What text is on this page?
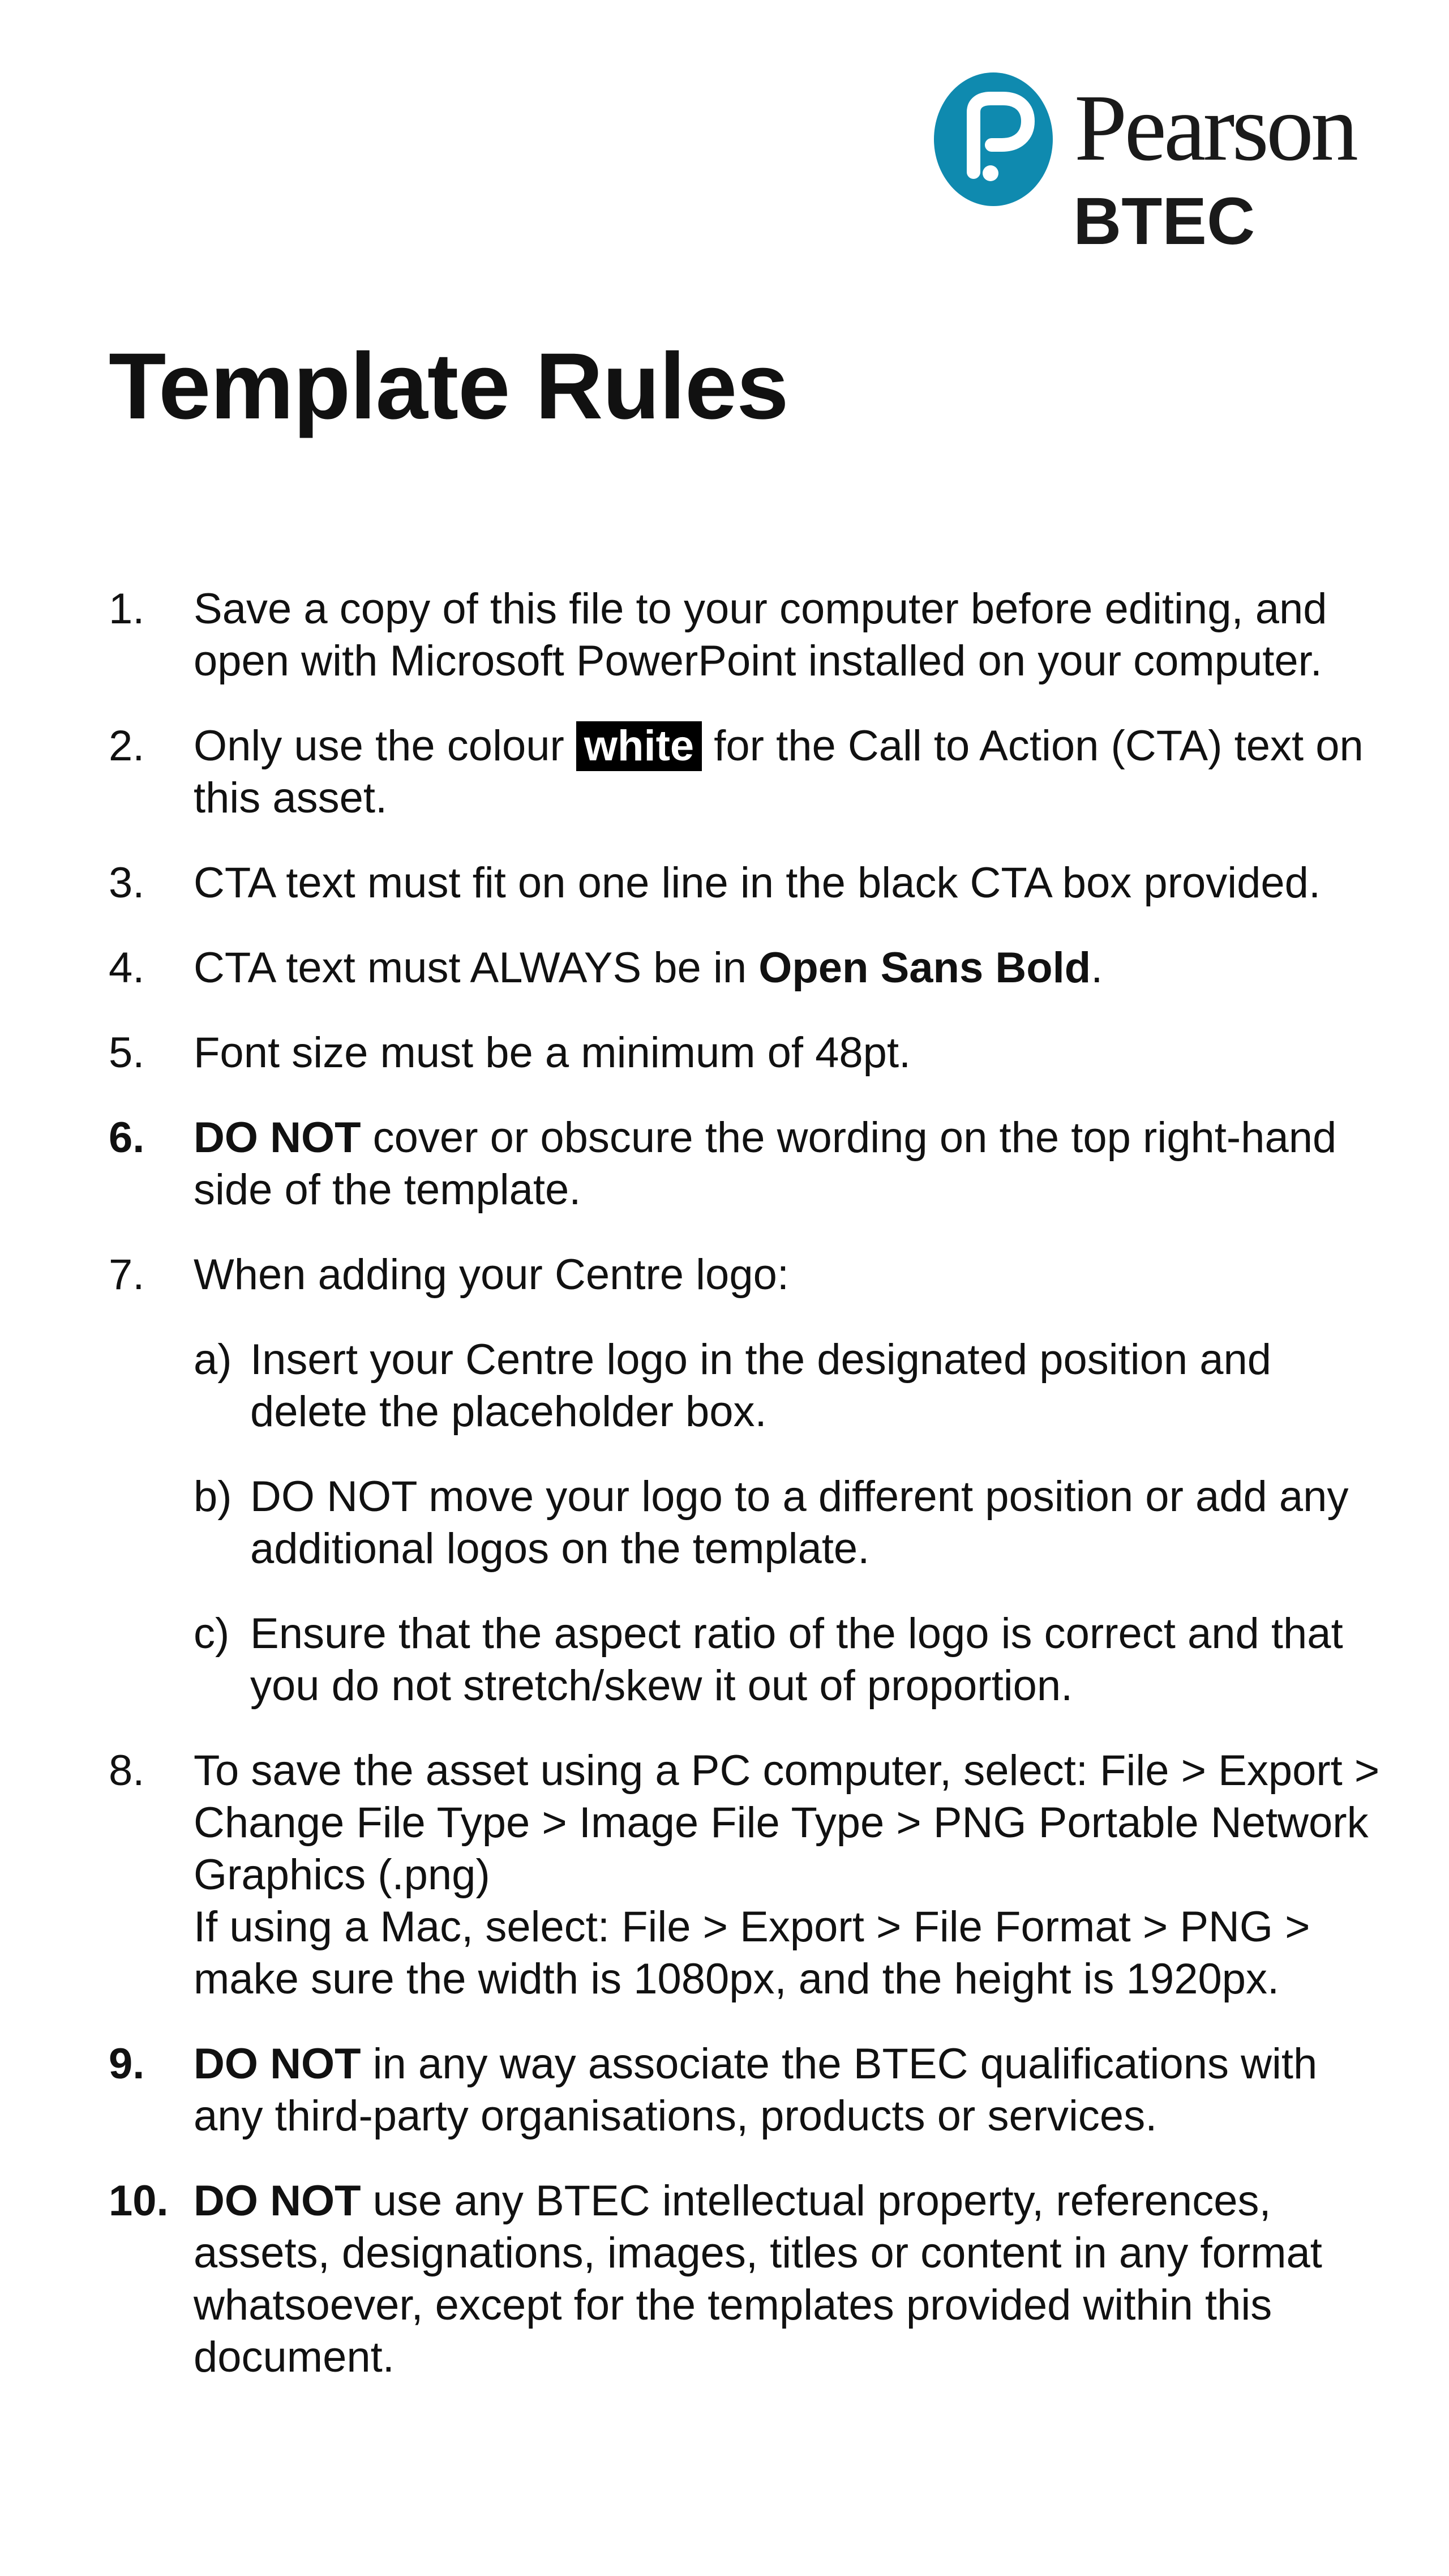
Pearson
BTEC
Template Rules
1.	Save a copy of this file to your computer before editing, and open with Microsoft PowerPoint installed on your computer.
2.	Only use the colour white for the Call to Action (CTA) text on this asset.
3.	CTA text must fit on one line in the black CTA box provided.
4.	CTA text must ALWAYS be in Open Sans Bold.
5.	Font size must be a minimum of 48pt.
6.	DO NOT cover or obscure the wording on the top right-hand side of the template.
7.	When adding your Centre logo:
a) Insert your Centre logo in the designated position and delete the placeholder box.
b) DO NOT move your logo to a different position or add any additional logos on the template.
c) Ensure that the aspect ratio of the logo is correct and that you do not stretch/skew it out of proportion.
8.	To save the asset using a PC computer, select: File > Export > Change File Type > Image File Type > PNG Portable Network Graphics (.png)
If using a Mac, select: File > Export > File Format > PNG > make sure the width is 1080px, and the height is 1920px.
9.	DO NOT in any way associate the BTEC qualifications with any third-party organisations, products or services.
10. DO NOT use any BTEC intellectual property, references, assets, designations, images, titles or content in any format whatsoever, except for the templates provided within this document.
